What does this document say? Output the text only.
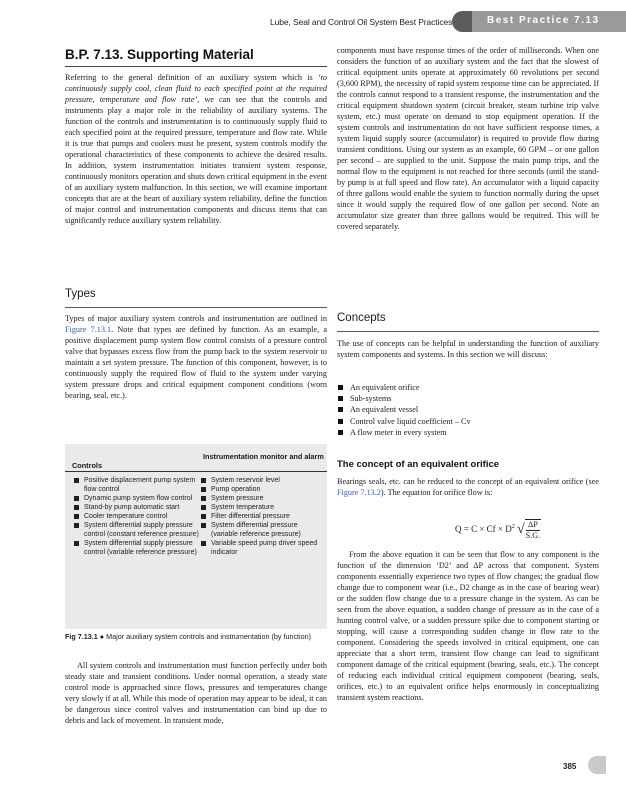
Lube, Seal and Control Oil System Best Practices	Best Practice 7.13
B.P. 7.13. Supporting Material
Referring to the general definition of an auxiliary system which is ‘to continuously supply cool, clean fluid to each specified point at the required pressure, temperature and flow rate’, we can see that the controls and instruments play a major role in the reliability of auxiliary systems. The function of the controls and instrumentation is to continuously supply fluid to each specified point at the required pressure, temperature and flow rate. While it is true that pumps and coolers must be present, system controls modify the operational characteristics of these components to achieve the desired results. In addition, system instrumentation initiates transient system response, continuously monitors operation and shuts down critical equipment in the event of an auxiliary system malfunction. In this section, we will examine important concepts that are at the heart of auxiliary system reliability, define the function of major control and instrumentation components and discuss items that can significantly reduce auxiliary system reliability.
Types
Types of major auxiliary system controls and instrumentation are outlined in Figure 7.13.1. Note that types are defined by function. As an example, a positive displacement pump system flow control consists of a pressure control valve that bypasses excess flow from the pump back to the system reservoir to maintain a set system pressure. The function of this component, however, is to continuously supply the required flow of fluid to the system under varying system pressure drops and critical equipment component conditions (worn bearing, seal, etc.).
Instrumentation monitor and alarm
Controls
Positive displacement pump system flow control
Dynamic pump system flow control
Stand-by pump automatic start
Cooler temperature control
System differential supply pressure control (constant reference pressure)
System differential supply pressure control (variable reference pressure)
System reservoir level
Pump operation
System pressure
System temperature
Filter differential pressure
System differential pressure (variable reference pressure)
Variable speed pump driver speed indicator
Fig 7.13.1 ● Major auxiliary system controls and instrumentation (by function)
All system controls and instrumentation must function perfectly under both steady state and transient conditions. Under normal operation, a steady state control mode is approached since flows, pressures and temperatures change very slowly if at all. While this mode of operation may appear to be ideal, it can be dangerous since control valves and instrumentation can bind up due to debris and lack of movement. In transient mode,
components must have response times of the order of milliseconds. When one considers the function of an auxiliary system and the fact that the slowest of critical equipment units operate at approximately 60 revolutions per second (3,600 RPM), the necessity of rapid system response time can be appreciated. If the controls cannot respond to a transient response, the instrumentation and the critical equipment shutdown system (circuit breaker, steam turbine trip valve system, etc.) must operate on demand to stop equipment operation. If the system controls and instrumentation do not have sufficient response times, a system liquid supply source (accumulator) is required to provide flow during transient conditions. Using our system as an example, 60 GPM – or one gallon per second – are supplied to the unit. Suppose the main pump trips, and the normal flow to the equipment is not reached for three seconds (until the stand-by pump is at full speed and flow rate). An accumulator with a liquid capacity of three gallons would enable the system to function normally during the upset since it would supply the required flow of one gallon per second. Note an accumulator size greater than three gallons would be required. This will be covered separately.
Concepts
The use of concepts can be helpful in understanding the function of auxiliary system components and systems. In this section we will discuss:
An equivalent orifice
Sub-systems
An equivalent vessel
Control valve liquid coefficient – Cv
A flow meter in every system
The concept of an equivalent orifice
Bearings seals, etc. can be reduced to the concept of an equivalent orifice (see Figure 7.13.2). The equation for orifice flow is:
$Q = C \times Cf \times D^2$ √ $\frac{\Delta P}{S.G.}$
From the above equation it can be seen that flow to any component is the function of the dimension ‘D2’ and ΔP across that component. System components essentially experience two types of flow changes; the gradual flow change due to component wear (i.e., D2 change as in the case of bearing wear) or the sudden flow change due to a pressure change in the system. As can be seen from the above equation, a sudden change of pressure as in the case of a hunting control valve, or a sudden pressure spike due to component starting or stopping, will cause a corresponding sudden change in flow rate to the component. Considering the speeds involved in critical equipment, one can appreciate that a short term, transient flow change can lead to significant component damage of the critical equipment (bearing, seals, etc.). The concept of reducing each individual critical equipment component (bearing, seals, orifices, etc.) to an equivalent orifice helps enormously in conceptualizing transient system reactions.
385
